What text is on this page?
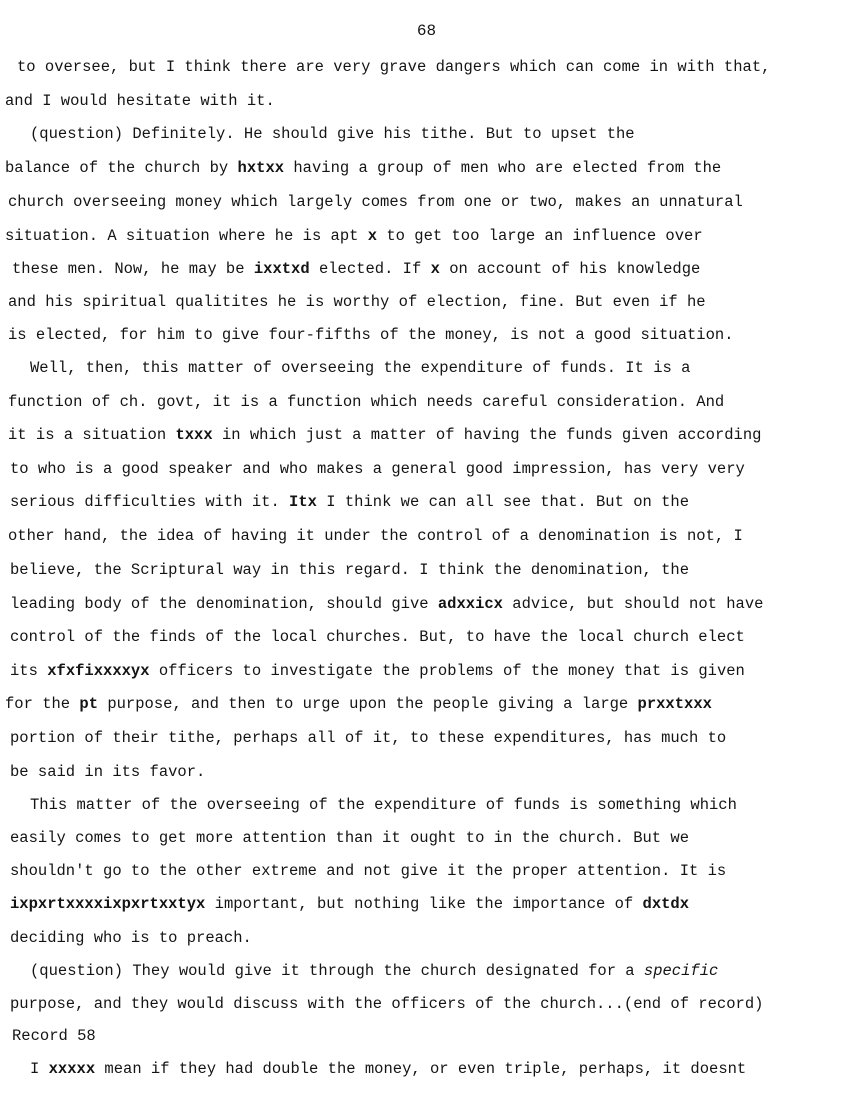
68
to oversee, but I think there are very grave dangers which can come in with that,
and I would hesitate with it.
(question) Definitely. He should give his tithe. But to upset the
balance of the church by hxtxx having a group of men who are elected from the
church overseeing money which largely comes from one or two, makes an unnatural
situation. A situation where he is apt x to get too large an influence over
these men. Now, he may be ixxtxd elected. If x on account of his knowledge
and his spiritual qualitites he is worthy of election, fine. But even if he
is elected, for him to give four-fifths of the money, is not a good situation.
Well, then, this matter of overseeing the expenditure of funds. It is a
function of ch. govt, it is a function which needs careful consideration. And
it is a situation txxx in which just a matter of having the funds given according
to who is a good speaker and who makes a general good impression, has very very
serious difficulties with it. Itx I think we can all see that. But on the
other hand, the idea of having it under the control of a denomination is not, I
believe, the Scriptural way in this regard. I think the denomination, the
leading body of the denomination, should give adxxicx advice, but should not have
control of the finds of the local churches. But, to have the local church elect
its xfxfixxxxyx officers to investigate the problems of the money that is given
for the pt purpose, and then to urge upon the people giving a large prxxtxxx
portion of their tithe, perhaps all of it, to these expenditures, has much to
be said in its favor.
This matter of the overseeing of the expenditure of funds is something which
easily comes to get more attention than it ought to in the church. But we
shouldn't go to the other extreme and not give it the proper attention. It is
ixpxrtxxxxixpxrtxxtyx important, but nothing like the importance of dxtdx
deciding who is to preach.
(question) They would give it through the church designated for a specific
purpose, and they would discuss with the officers of the church...(end of record)
Record 58
I xxxxx mean if they had double the money, or even triple, perhaps, it doesnt
